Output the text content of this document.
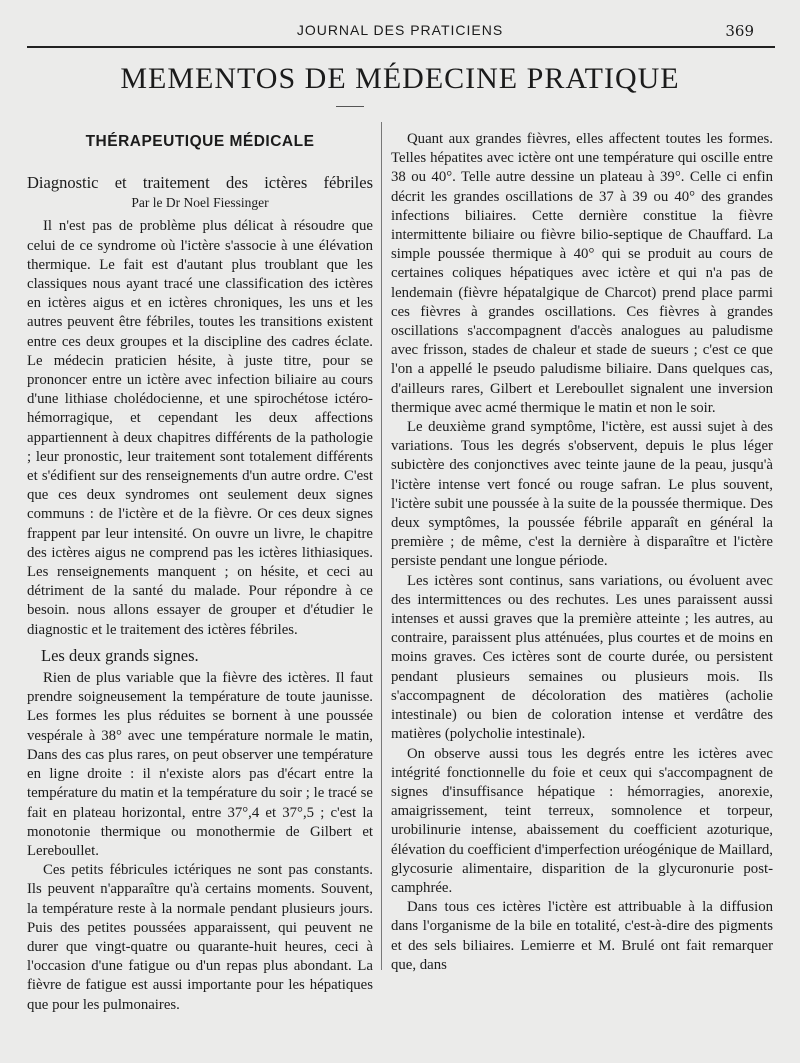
JOURNAL DES PRATICIENS	369
MEMENTOS DE MÉDECINE PRATIQUE
THÉRAPEUTIQUE MÉDICALE
Diagnostic et traitement des ictères fébriles
Par le Dr Noel Fiessinger

Il n'est pas de problème plus délicat à résoudre que celui de ce syndrome où l'ictère s'associe à une élévation thermique. Le fait est d'autant plus troublant que les classiques nous ayant tracé une classification des ictères en ictères aigus et en ictères chroniques, les uns et les autres peuvent être fébriles, toutes les transitions existent entre ces deux groupes et la discipline des cadres éclate. Le médecin praticien hésite, à juste titre, pour se prononcer entre un ictère avec infection biliaire au cours d'une lithiase cholédocienne, et une spirochétose ictéro-hémorragique, et cependant les deux affections appartiennent à deux chapitres différents de la pathologie ; leur pronostic, leur traitement sont totalement différents et s'édifient sur des renseignements d'un autre ordre. C'est que ces deux syndromes ont seulement deux signes communs : de l'ictère et de la fièvre. Or ces deux signes frappent par leur intensité. On ouvre un livre, le chapitre des ictères aigus ne comprend pas les ictères lithiasiques. Les renseignements manquent ; on hésite, et ceci au détriment de la santé du malade. Pour répondre à ce besoin. nous allons essayer de grouper et d'étudier le diagnostic et le traitement des ictères fébriles.

Les deux grands signes.

Rien de plus variable que la fièvre des ictères. Il faut prendre soigneusement la température de toute jaunisse. Les formes les plus réduites se bornent à une poussée vespérale à 38° avec une température normale le matin, Dans des cas plus rares, on peut observer une température en ligne droite : il n'existe alors pas d'écart entre la température du matin et la température du soir ; le tracé se fait en plateau horizontal, entre 37°,4 et 37°,5 ; c'est la monotonie thermique ou monothermie de Gilbert et Lereboullet.

Ces petits fébricules ictériques ne sont pas constants. Ils peuvent n'apparaître qu'à certains moments. Souvent, la température reste à la normale pendant plusieurs jours. Puis des petites poussées apparaissent, qui peuvent ne durer que vingt-quatre ou quarante-huit heures, ceci à l'occasion d'une fatigue ou d'un repas plus abondant. La fièvre de fatigue est aussi importante pour les hépatiques que pour les pulmonaires.

Quant aux grandes fièvres, elles affectent toutes les formes. Telles hépatites avec ictère ont une température qui oscille entre 38 ou 40°. Telle autre dessine un plateau à 39°. Celle ci enfin décrit les grandes oscillations de 37 à 39 ou 40° des grandes infections biliaires. Cette dernière constitue la fièvre intermittente biliaire ou fièvre bilio-septique de Chauffard. La simple poussée thermique à 40° qui se produit au cours de certaines coliques hépatiques avec ictère et qui n'a pas de lendemain (fièvre hépatalgique de Charcot) prend place parmi ces fièvres à grandes oscillations. Ces fièvres à grandes oscillations s'accompagnent d'accès analogues au paludisme avec frisson, stades de chaleur et stade de sueurs ; c'est ce que l'on a appellé le pseudo paludisme biliaire. Dans quelques cas, d'ailleurs rares, Gilbert et Lereboullet signalent une inversion thermique avec acmé thermique le matin et non le soir.

Le deuxième grand symptôme, l'ictère, est aussi sujet à des variations. Tous les degrés s'observent, depuis le plus léger subictère des conjonctives avec teinte jaune de la peau, jusqu'à l'ictère intense vert foncé ou rouge safran. Le plus souvent, l'ictère subit une poussée à la suite de la poussée thermique. Des deux symptômes, la poussée fébrile apparaît en général la première ; de même, c'est la dernière à disparaître et l'ictère persiste pendant une longue période.

Les ictères sont continus, sans variations, ou évoluent avec des intermittences ou des rechutes. Les unes paraissent aussi intenses et aussi graves que la première atteinte ; les autres, au contraire, paraissent plus atténuées, plus courtes et de moins en moins graves. Ces ictères sont de courte durée, ou persistent pendant plusieurs semaines ou plusieurs mois. Ils s'accompagnent de décoloration des matières (acholie intestinale) ou bien de coloration intense et verdâtre des matières (polycholie intestinale).

On observe aussi tous les degrés entre les ictères avec intégrité fonctionnelle du foie et ceux qui s'accompagnent de signes d'insuffisance hépatique : hémorragies, anorexie, amaigrissement, teint terreux, somnolence et torpeur, urobilinurie intense, abaissement du coefficient azoturique, élévation du coefficient d'imperfection uréogénique de Maillard, glycosurie alimentaire, disparition de la glycuronurie post-camphrée.

Dans tous ces ictères l'ictère est attribuable à la diffusion dans l'organisme de la bile en totalité, c'est-à-dire des pigments et des sels biliaires. Lemierre et M. Brulé ont fait remarquer que, dans
